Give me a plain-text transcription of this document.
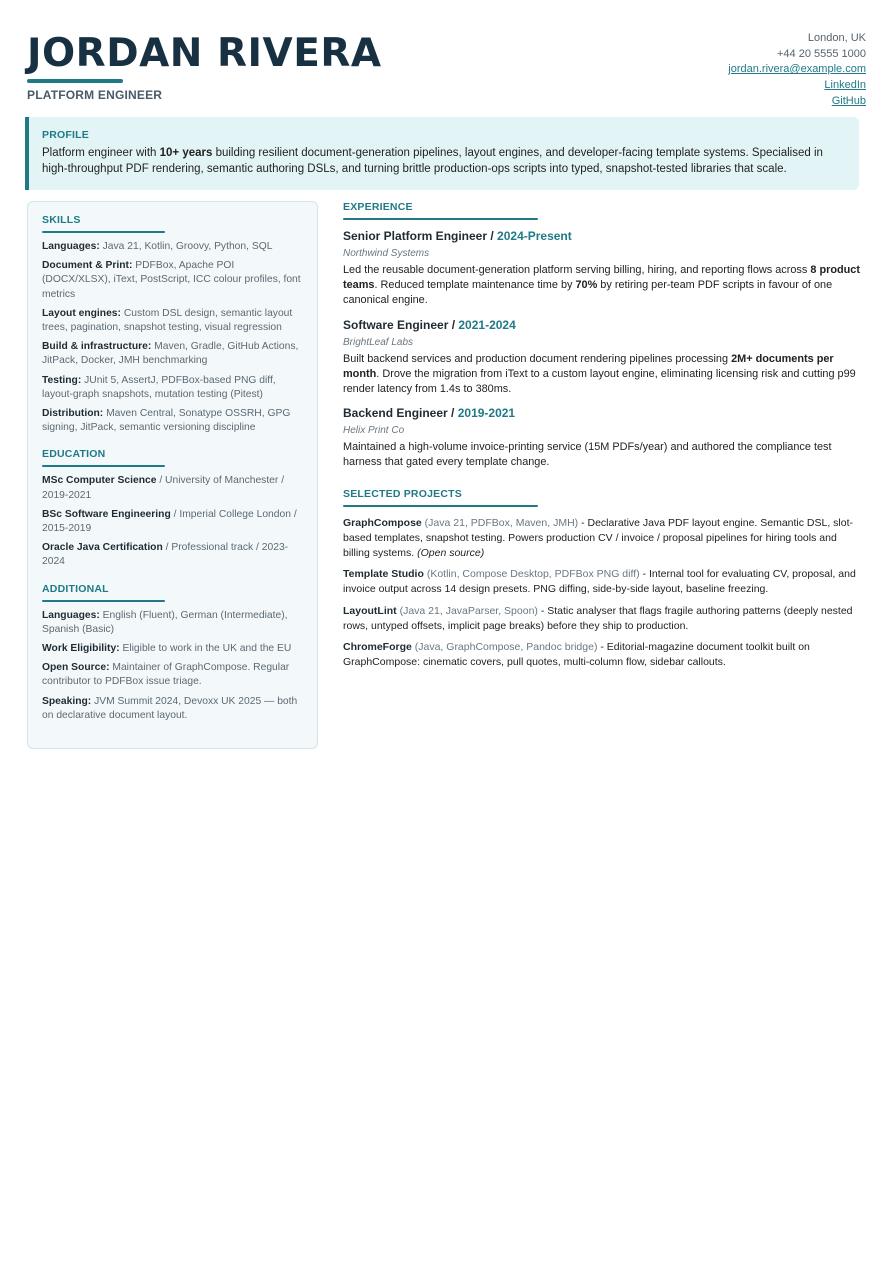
JORDAN RIVERA
PLATFORM ENGINEER
London, UK
+44 20 5555 1000
jordan.rivera@example.com
LinkedIn
GitHub
PROFILE

Platform engineer with 10+ years building resilient document-generation pipelines, layout engines, and developer-facing template systems. Specialised in high-throughput PDF rendering, semantic authoring DSLs, and turning brittle production-ops scripts into typed, snapshot-tested libraries that scale.

SKILLS
Languages: Java 21, Kotlin, Groovy, Python, SQL
Document & Print: PDFBox, Apache POI (DOCX/XLSX), iText, PostScript, ICC colour profiles, font metrics
Layout engines: Custom DSL design, semantic layout trees, pagination, snapshot testing, visual regression
Build & infrastructure: Maven, Gradle, GitHub Actions, JitPack, Docker, JMH benchmarking
Testing: JUnit 5, AssertJ, PDFBox-based PNG diff, layout-graph snapshots, mutation testing (Pitest)
Distribution: Maven Central, Sonatype OSSRH, GPG signing, JitPack, semantic versioning discipline
EDUCATION
MSc Computer Science / University of Manchester / 2019-2021
BSc Software Engineering / Imperial College London / 2015-2019
Oracle Java Certification / Professional track / 2023-2024
ADDITIONAL
Languages: English (Fluent), German (Intermediate), Spanish (Basic)
Work Eligibility: Eligible to work in the UK and the EU
Open Source: Maintainer of GraphCompose. Regular contributor to PDFBox issue triage.
Speaking: JVM Summit 2024, Devoxx UK 2025 — both on declarative document layout.
EXPERIENCE
Senior Platform Engineer / 2024-Present
Northwind Systems
Led the reusable document-generation platform serving billing, hiring, and reporting flows across 8 product teams. Reduced template maintenance time by 70% by retiring per-team PDF scripts in favour of one canonical engine.
Software Engineer / 2021-2024
BrightLeaf Labs
Built backend services and production document rendering pipelines processing 2M+ documents per month. Drove the migration from iText to a custom layout engine, eliminating licensing risk and cutting p99 render latency from 1.4s to 380ms.
Backend Engineer / 2019-2021
Helix Print Co
Maintained a high-volume invoice-printing service (15M PDFs/year) and authored the compliance test harness that gated every template change.
SELECTED PROJECTS
GraphCompose (Java 21, PDFBox, Maven, JMH) - Declarative Java PDF layout engine. Semantic DSL, slot-based templates, snapshot testing. Powers production CV / invoice / proposal pipelines for hiring tools and billing systems. (Open source)
Template Studio (Kotlin, Compose Desktop, PDFBox PNG diff) - Internal tool for evaluating CV, proposal, and invoice output across 14 design presets. PNG diffing, side-by-side layout, baseline freezing.
LayoutLint (Java 21, JavaParser, Spoon) - Static analyser that flags fragile authoring patterns (deeply nested rows, untyped offsets, implicit page breaks) before they ship to production.
ChromeForge (Java, GraphCompose, Pandoc bridge) - Editorial-magazine document toolkit built on GraphCompose: cinematic covers, pull quotes, multi-column flow, sidebar callouts.
